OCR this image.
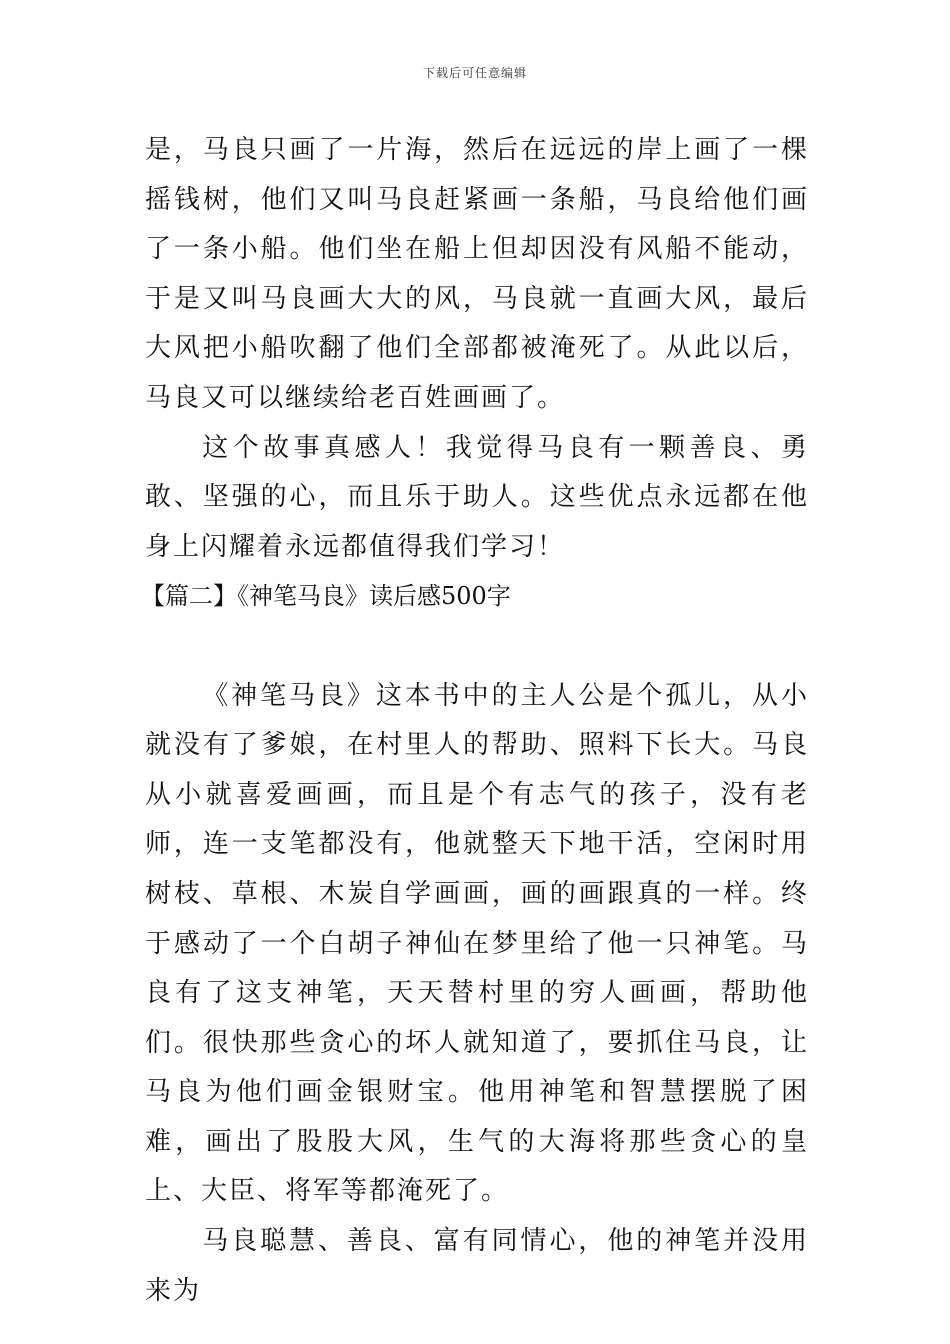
下载后可任意编辑

是，马良只画了一片海，然后在远远的岸上画了一棵摇钱树，他们又叫马良赶紧画一条船，马良给他们画了一条小船。他们坐在船上但却因没有风船不能动，于是又叫马良画大大的风，马良就一直画大风，最后大风把小船吹翻了他们全部都被淹死了。从此以后，马良又可以继续给老百姓画画了。

这个故事真感人！我觉得马良有一颗善良、勇敢、坚强的心，而且乐于助人。这些优点永远都在他身上闪耀着永远都值得我们学习！

【篇二】《神笔马良》读后感500字

《神笔马良》这本书中的主人公是个孤儿，从小就没有了爹娘，在村里人的帮助、照料下长大。马良从小就喜爱画画，而且是个有志气的孩子，没有老师，连一支笔都没有，他就整天下地干活，空闲时用树枝、草根、木炭自学画画，画的画跟真的一样。终于感动了一个白胡子神仙在梦里给了他一只神笔。马良有了这支神笔，天天替村里的穷人画画，帮助他们。很快那些贪心的坏人就知道了，要抓住马良，让马良为他们画金银财宝。他用神笔和智慧摆脱了困难，画出了股股大风，生气的大海将那些贪心的皇上、大臣、将军等都淹死了。

马良聪慧、善良、富有同情心，他的神笔并没用来为
